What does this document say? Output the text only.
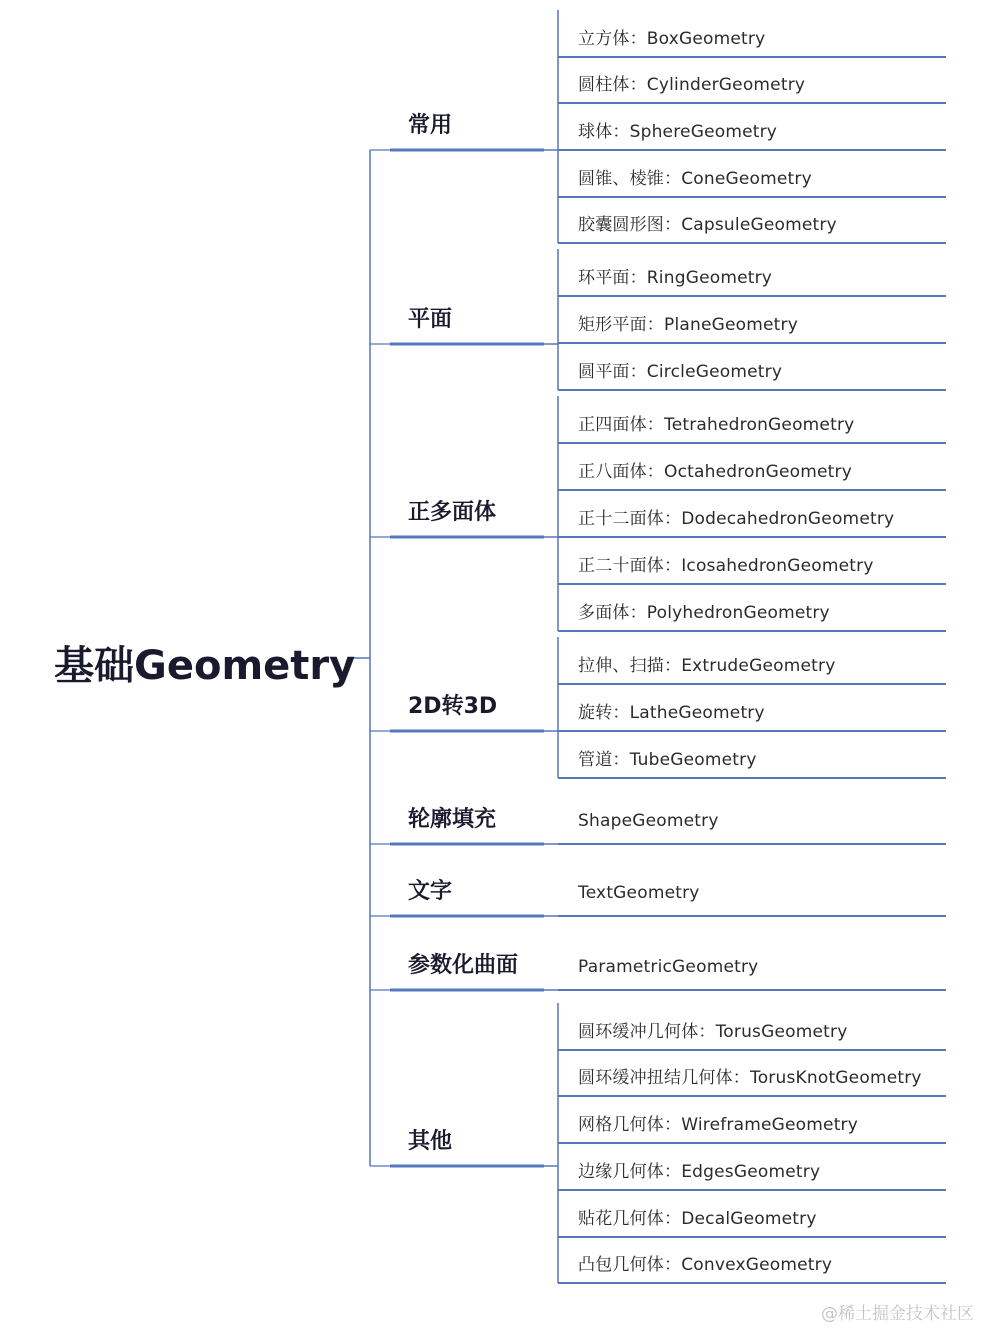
基础Geometry
常用
平面
正多面体
2D转3D
轮廓填充
文字
参数化曲面
其他
立方体：BoxGeometry
圆柱体：CylinderGeometry
球体：SphereGeometry
圆锥、棱锥：ConeGeometry
胶囊圆形图：CapsuleGeometry
环平面：RingGeometry
矩形平面：PlaneGeometry
圆平面：CircleGeometry
正四面体：TetrahedronGeometry
正八面体：OctahedronGeometry
正十二面体：DodecahedronGeometry
正二十面体：IcosahedronGeometry
多面体：PolyhedronGeometry
拉伸、扫描：ExtrudeGeometry
旋转：LatheGeometry
管道：TubeGeometry
ShapeGeometry
TextGeometry
ParametricGeometry
圆环缓冲几何体：TorusGeometry
圆环缓冲扭结几何体：TorusKnotGeometry
网格几何体：WireframeGeometry
边缘几何体：EdgesGeometry
贴花几何体：DecalGeometry
凸包几何体：ConvexGeometry
@稀土掘金技术社区
